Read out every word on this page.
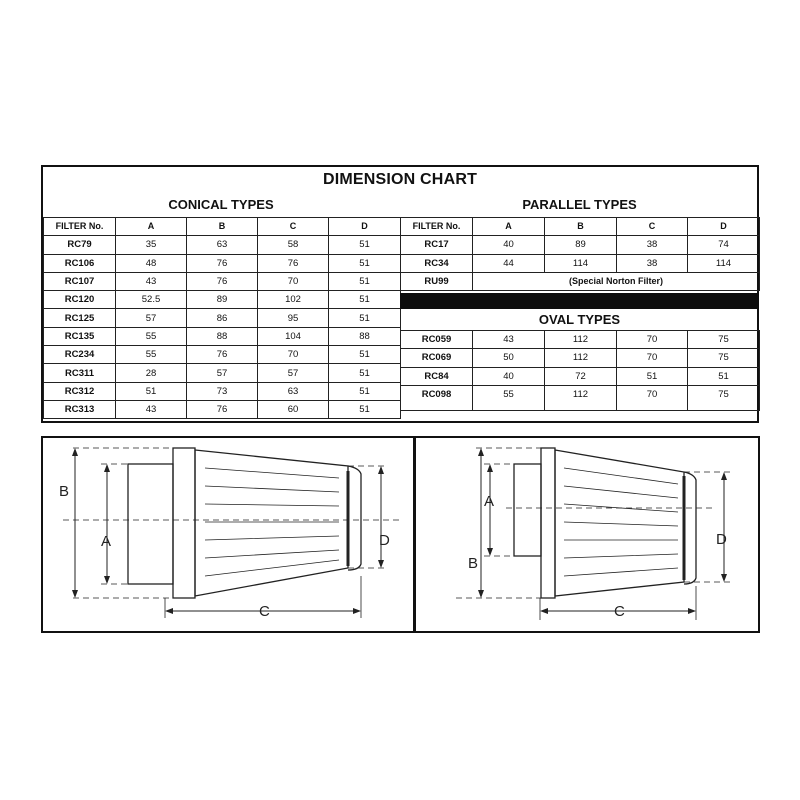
DIMENSION CHART
CONICAL TYPES	PARALLEL TYPES
FILTER No.	A	B	C	D
RC79	35	63	58	51
RC106	48	76	76	51
RC107	43	76	70	51
RC120	52.5	89	102	51
RC125	57	86	95	51
RC135	55	88	104	88
RC234	55	76	70	51
RC311	28	57	57	51
RC312	51	73	63	51
RC313	43	76	60	51
FILTER No.	A	B	C	D
RC17	40	89	38	74
RC34	44	114	38	114
RU99	(Special Norton Filter)			
OVAL TYPES
RC059	43	112	70	75
RC069	50	112	70	75
RC84	40	72	51	51
RC098	55	112	70	75
B
A	D
C
A
B
D
C
